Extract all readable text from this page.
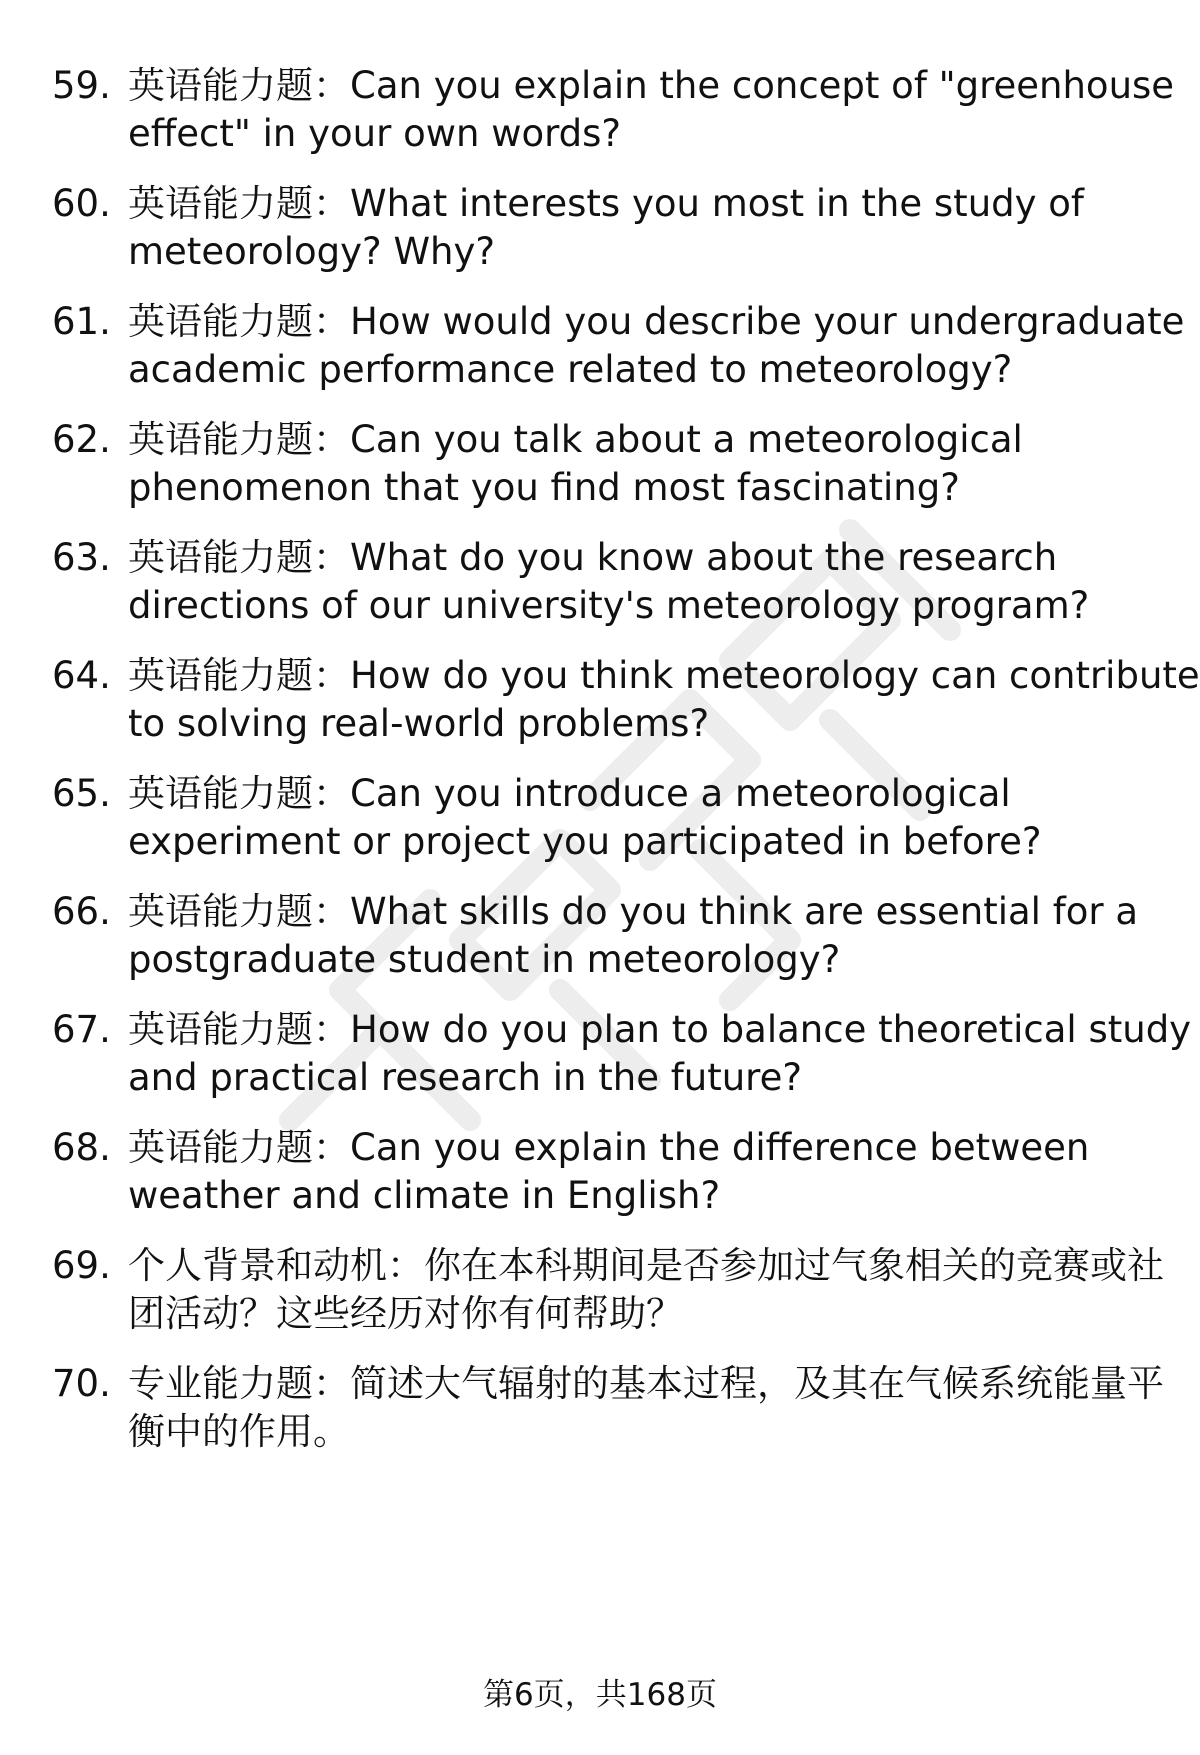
59. 英语能力题：Can you explain the concept of "greenhouse
effect" in your own words?
60. 英语能力题：What interests you most in the study of
meteorology? Why?
61. 英语能力题：How would you describe your undergraduate
academic performance related to meteorology?
62. 英语能力题：Can you talk about a meteorological
phenomenon that you find most fascinating?
63. 英语能力题：What do you know about the research
directions of our university's meteorology program?
64. 英语能力题：How do you think meteorology can contribute
to solving real-world problems?
65. 英语能力题：Can you introduce a meteorological
experiment or project you participated in before?
66. 英语能力题：What skills do you think are essential for a
postgraduate student in meteorology?
67. 英语能力题：How do you plan to balance theoretical study
and practical research in the future?
68. 英语能力题：Can you explain the difference between
weather and climate in English?
69. 个人背景和动机：你在本科期间是否参加过气象相关的竞赛或社
团活动？这些经历对你有何帮助？
70. 专业能力题：简述大气辐射的基本过程，及其在气候系统能量平
衡中的作用。
第6页，共168页
